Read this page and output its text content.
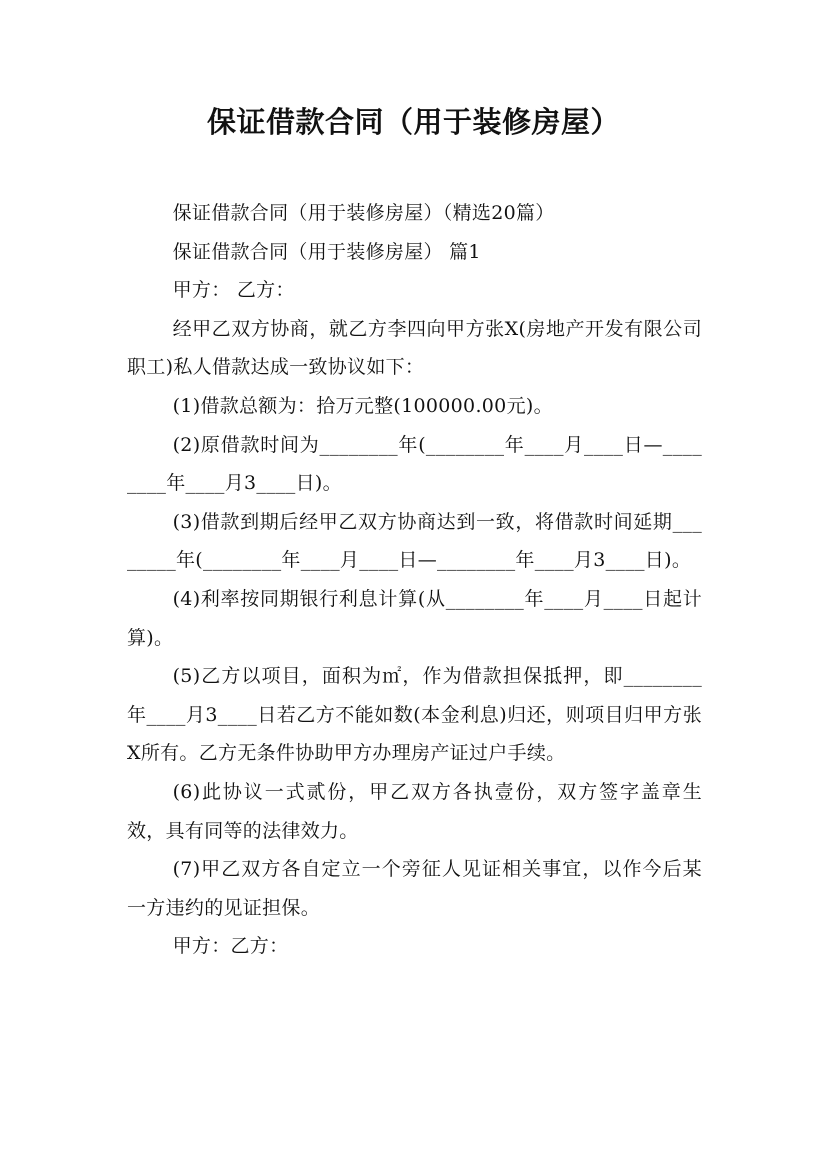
保证借款合同（用于装修房屋）

保证借款合同（用于装修房屋）（精选20篇）

保证借款合同（用于装修房屋） 篇1

甲方： 乙方：

经甲乙双方协商，就乙方李四向甲方张X(房地产开发有限公司职工)私人借款达成一致协议如下：

(1)借款总额为：拾万元整(100000.00元)。

(2)原借款时间为________年(________年____月____日—________年____月3____日)。

(3)借款到期后经甲乙双方协商达到一致，将借款时间延期________年(________年____月____日—________年____月3____日)。

(4)利率按同期银行利息计算(从________年____月____日起计算)。

(5)乙方以项目，面积为㎡，作为借款担保抵押，即________年____月3____日若乙方不能如数(本金利息)归还，则项目归甲方张X所有。乙方无条件协助甲方办理房产证过户手续。

(6)此协议一式贰份，甲乙双方各执壹份，双方签字盖章生效，具有同等的法律效力。

(7)甲乙双方各自定立一个旁征人见证相关事宜，以作今后某一方违约的见证担保。

甲方：乙方：
